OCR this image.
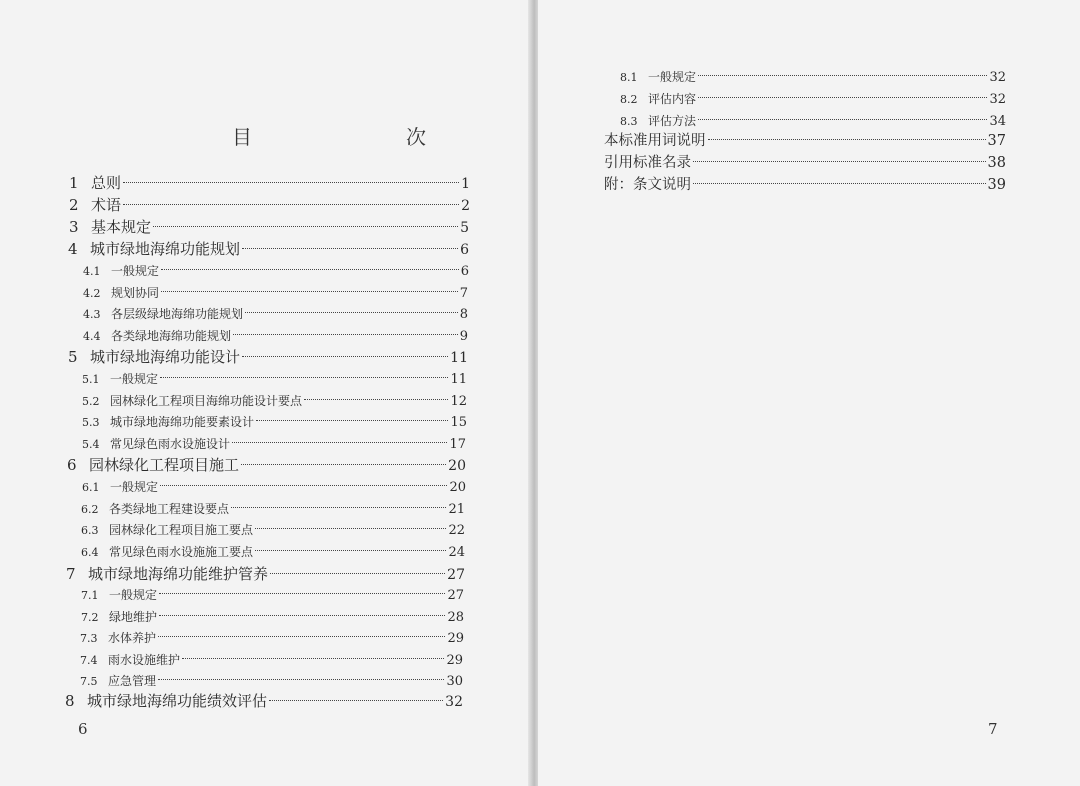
目　　次
1 总则	1
2 术语	2
3 基本规定	5
4 城市绿地海绵功能规划	6
4.1 一般规定	6
4.2 规划协同	7
4.3 各层级绿地海绵功能规划	8
4.4 各类绿地海绵功能规划	9
5 城市绿地海绵功能设计	11
5.1 一般规定	11
5.2 园林绿化工程项目海绵功能设计要点	12
5.3 城市绿地海绵功能要素设计	15
5.4 常见绿色雨水设施设计	17
6 园林绿化工程项目施工	20
6.1 一般规定	20
6.2 各类绿地工程建设要点	21
6.3 园林绿化工程项目施工要点	22
6.4 常见绿色雨水设施施工要点	24
7 城市绿地海绵功能维护管养	27
7.1 一般规定	27
7.2 绿地维护	28
7.3 水体养护	29
7.4 雨水设施维护	29
7.5 应急管理	30
8 城市绿地海绵功能绩效评估	32
6
8.1 一般规定	32
8.2 评估内容	32
8.3 评估方法	34
本标准用词说明	37
引用标准名录	38
附：条文说明	39
7
